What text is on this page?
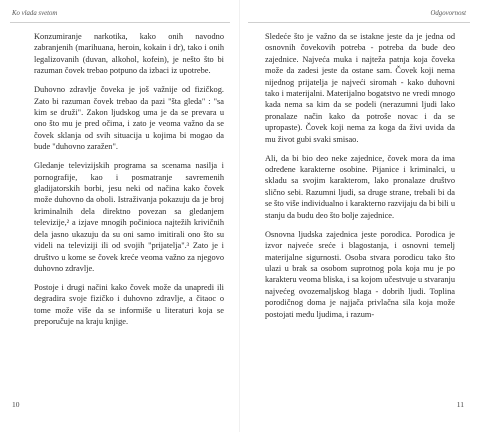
Ko vlada svetom

Konzumiranje narkotika, kako onih navodno zabranjenih (marihuana, heroin, kokain i dr), tako i onih legalizovanih (duvan, alkohol, kofein), je nešto što bi razuman čovek trebao potpuno da izbaci iz upotrebe.

Duhovno zdravlje čoveka je još važnije od fizičkog. Zato bi razuman čovek trebao da pazi "šta gleda" : "sa kim se druži". Zakon ljudskog uma je da se prevara u ono što mu je pred očima, i zato je veoma važno da se čovek sklanja od svih situacija u kojima bi mogao da bude "duhovno zaražen".

Gledanje televizijskih programa sa scenama nasilja i pornografije, kao i posmatranje savremenih gladijatorskih borbi, jesu neki od načina kako čovek može duhovno da oboli. Istraživanja pokazuju da je broj kriminalnih dela direktno povezan sa gledanjem televizije,² a izjave mnogih počinioca najtežih krivičnih dela jasno ukazuju da su oni samo imitirali ono što su videli na televiziji ili od svojih "prijatelja".³ Zato je i društvo u kome se čovek kreće veoma važno za njegovo duhovno zdravlje.

Postoje i drugi načini kako čovek može da unapredi ili degradira svoje fizičko i duhovno zdravlje, a čitaoc o tome može više da se informiše u literaturi koja se preporučuje na kraju knjige.

10
Odgovornost

Sledeće što je važno da se istakne jeste da je jedna od osnovnih čovekovih potreba - potreba da bude deo zajednice. Najveća muka i najteža patnja koja čoveka može da zadesi jeste da ostane sam. Čovek koji nema nijednog prijatelja je najveći siromah - kako duhovni tako i materijalni. Materijalno bogatstvo ne vredi mnogo kada nema sa kim da se podeli (nerazumni ljudi lako pronalaze način kako da potroše novac i da se upropaste). Čovek koji nema za koga da živi uvida da mu život gubi svaki smisao.

Ali, da bi bio deo neke zajednice, čovek mora da ima određene karakterne osobine. Pijanice i kriminalci, u skladu sa svojim karakterom, lako pronalaze društvo slično sebi. Razumni ljudi, sa druge strane, trebali bi da se što više individualno i karakterno razvijaju da bi bili u stanju da budu deo što bolje zajednice.

Osnovna ljudska zajednica jeste porodica. Porodica je izvor najveće sreće i blagostanja, i osnovni temelj materijalne sigurnosti. Osoba stvara porodicu tako što ulazi u brak sa osobom suprotnog pola koja mu je po karakteru veoma bliska, i sa kojom učestvuje u stvaranju najvećeg ovozemaljskog blaga - dobrih ljudi. Toplina porodičnog doma je najjača privlačna sila koja može postojati među ljudima, i razum-

11
